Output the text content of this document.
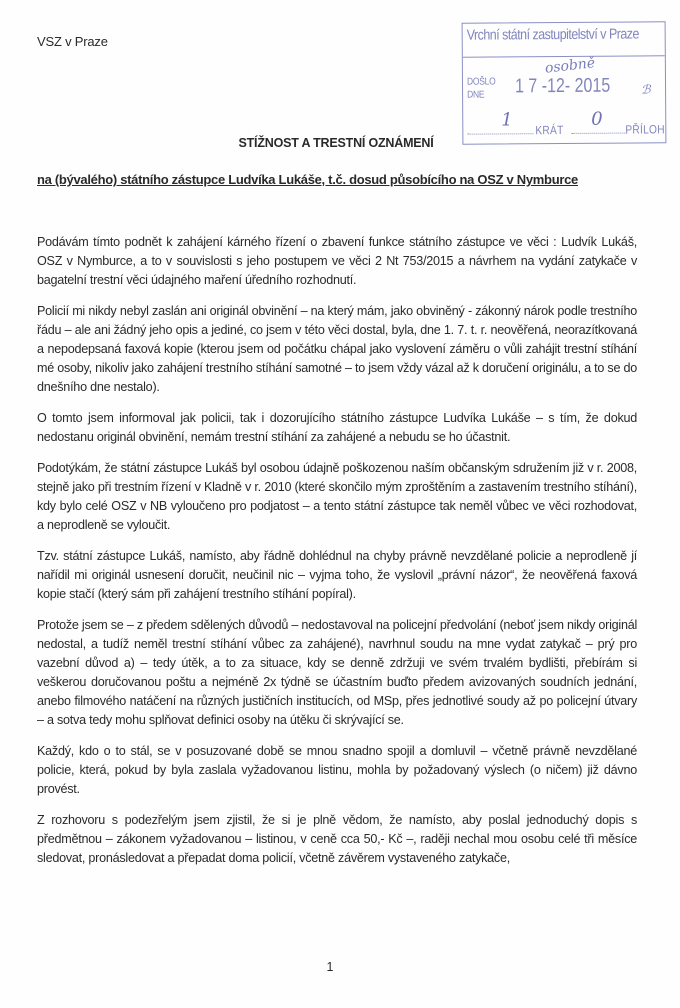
VSZ v Praze	Vrchní státní zastupitelství v Praze
osobně
DOŠLO
DNE	1 7 -12- 2015	ℬ
1 KRÁT
0 PŘÍLOH
STÍŽNOST A TRESTNÍ OZNÁMENÍ
na (bývalého) státního zástupce Ludvíka Lukáše, t.č. dosud působícího na OSZ v Nymburce

Podávám tímto podnět k zahájení kárného řízení o zbavení funkce státního zástupce ve věci : Ludvík Lukáš, OSZ v Nymburce, a to v souvislosti s jeho postupem ve věci 2 Nt 753/2015 a návrhem na vydání zatykače v bagatelní trestní věci údajného maření úředního rozhodnutí.

Policií mi nikdy nebyl zaslán ani originál obvinění – na který mám, jako obviněný - zákonný nárok podle trestního řádu – ale ani žádný jeho opis a jediné, co jsem v této věci dostal, byla, dne 1. 7. t. r. neověřená, neorazítkovaná a nepodepsaná faxová kopie (kterou jsem od počátku chápal jako vyslovení záměru o vůli zahájit trestní stíhání mé osoby, nikoliv jako zahájení trestního stíhání samotné – to jsem vždy vázal až k doručení originálu, a to se do dnešního dne nestalo).

O tomto jsem informoval jak policii, tak i dozorujícího státního zástupce Ludvíka Lukáše – s tím, že dokud nedostanu originál obvinění, nemám trestní stíhání za zahájené a nebudu se ho účastnit.

Podotýkám, že státní zástupce Lukáš byl osobou údajně poškozenou naším občanským sdružením již v r. 2008, stejně jako při trestním řízení v Kladně v r. 2010 (které skončilo mým zproštěním a zastavením trestního stíhání), kdy bylo celé OSZ v NB vyloučeno pro podjatost – a tento státní zástupce tak neměl vůbec ve věci rozhodovat, a neprodleně se vyloučit.

Tzv. státní zástupce Lukáš, namísto, aby řádně dohlédnul na chyby právně nevzdělané policie a neprodleně jí nařídil mi originál usnesení doručit, neučinil nic – vyjma toho, že vyslovil „právní názor“, že neověřená faxová kopie stačí (který sám při zahájení trestního stíhání popíral).

Protože jsem se – z předem sdělených důvodů – nedostavoval na policejní předvolání (neboť jsem nikdy originál nedostal, a tudíž neměl trestní stíhání vůbec za zahájené), navrhnul soudu na mne vydat zatykač – prý pro vazební důvod a) – tedy útěk, a to za situace, kdy se denně zdržuji ve svém trvalém bydlišti, přebírám si veškerou doručovanou poštu a nejméně 2x týdně se účastním buďto předem avizovaných soudních jednání, anebo filmového natáčení na různých justičních institucích, od MSp, přes jednotlivé soudy až po policejní útvary – a sotva tedy mohu splňovat definici osoby na útěku či skrývající se.

Každý, kdo o to stál, se v posuzované době se mnou snadno spojil a domluvil – včetně právně nevzdělané policie, která, pokud by byla zaslala vyžadovanou listinu, mohla by požadovaný výslech (o ničem) již dávno provést.

Z rozhovoru s podezřelým jsem zjistil, že si je plně vědom, že namísto, aby poslal jednoduchý dopis s předmětnou – zákonem vyžadovanou – listinou, v ceně cca 50,- Kč –, raději nechal mou osobu celé tři měsíce sledovat, pronásledovat a přepadat doma policií, včetně závěrem vystaveného zatykače,

1
